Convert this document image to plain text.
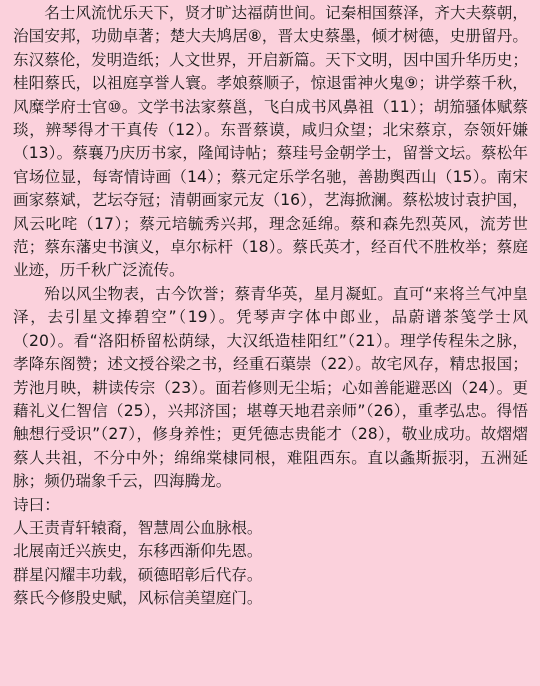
名士风流忧乐天下，贤才旷达福荫世间。记秦相国蔡泽，齐大夫蔡朝，治国安邦，功勋卓著；楚大夫鸠居⑧，晋太史蔡墨，倾才树德，史册留丹。东汉蔡伦，发明造纸；人文世界，开启新篇。天下文明，因中国升华历史；桂阳蔡氏，以祖庭享誉人寰。孝娘蔡顺子，惊退雷神火鬼⑨；讲学蔡千秋，风糜学府士官⑩。文学书法家蔡邕，飞白成书风鼻祖（11）；胡笳骚体赋蔡琰，辨琴得才干真传（12）。东晋蔡谟，咸归众望；北宋蔡京，奈领奸嫌（13）。蔡襄乃庆历书家，隆闻诗帖；蔡珪号金朝学士，留誉文坛。蔡松年官场位显，每寄情诗画（14）；蔡元定乐学名驰，善勘舆西山（15）。南宋画家蔡斌，艺坛夺冠；清朝画家元友（16），艺海掀澜。蔡松坡讨袁护国，风云叱咤（17）；蔡元培毓秀兴邦，理念延绵。蔡和森先烈英风，流芳世范；蔡东藩史书演义，卓尔标杆（18）。蔡氏英才，经百代不胜枚举；蔡庭业迹，历千秋广泛流传。

殆以风尘物表，古今饮誉；蔡青华英，星月凝虹。直可“来将兰气冲皇泽，去引星文捧碧空”（19）。凭琴声字体中郎业，品蔚谱茶笺学士风（20）。看“洛阳桥留松荫绿，大汉纸造桂阳红”（21）。理学传程朱之脉，孝降东阁赞；述文授谷梁之书，经重石蕖崇（22）。故宅风存，精忠报国；芳池月映，耕读传宗（23）。面若修则无尘垢；心如善能避恶凶（24）。更藉礼义仁智信（25），兴邦济国；堪尊天地君亲师”（26），重孝弘忠。得悟触想行受识”（27），修身养性；更凭德志贵能才（28），敬业成功。故熠熠蔡人共祖，不分中外；绵绵棠棣同根，难阻西东。直以螽斯振羽，五洲延脉；频仍瑞象千云，四海腾龙。

诗曰：

人王责青轩辕裔，智慧周公血脉根。

北展南迁兴族史，东移西渐仰先恩。

群星闪耀丰功载，硕德昭彰后代存。

蔡氏今修殷史赋，风标信美望庭门。
